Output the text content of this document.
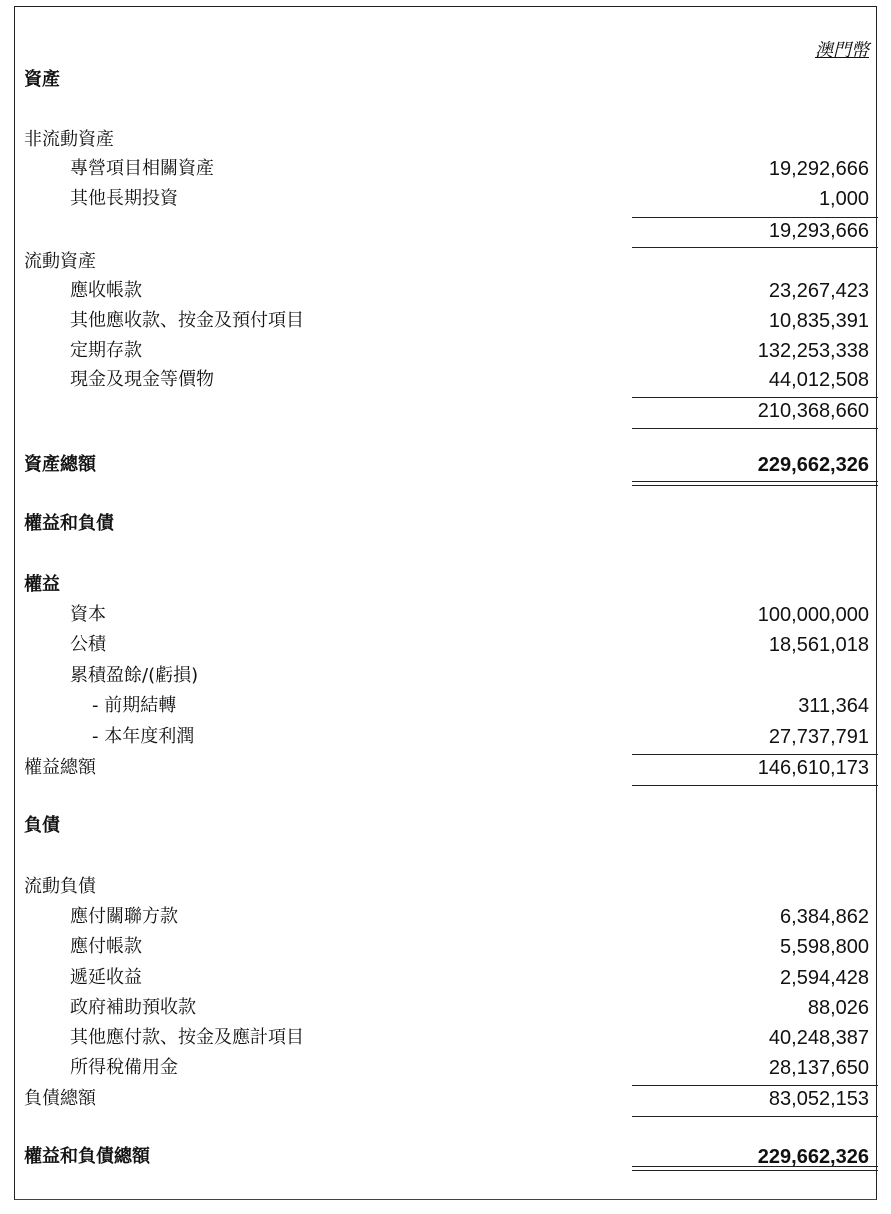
澳門幣
資產
非流動資產
專營項目相關資產	19,292,666
其他長期投資	1,000
19,293,666
流動資產
應收帳款	23,267,423
其他應收款、按金及預付項目	10,835,391
定期存款	132,253,338
現金及現金等價物	44,012,508
210,368,660
資產總額	229,662,326
權益和負債
權益
資本	100,000,000
公積	18,561,018
累積盈餘/(虧損)
- 前期結轉	311,364
- 本年度利潤	27,737,791
權益總額	146,610,173
負債
流動負債
應付關聯方款	6,384,862
應付帳款	5,598,800
遞延收益	2,594,428
政府補助預收款	88,026
其他應付款、按金及應計項目	40,248,387
所得稅備用金	28,137,650
負債總額	83,052,153
權益和負債總額	229,662,326
